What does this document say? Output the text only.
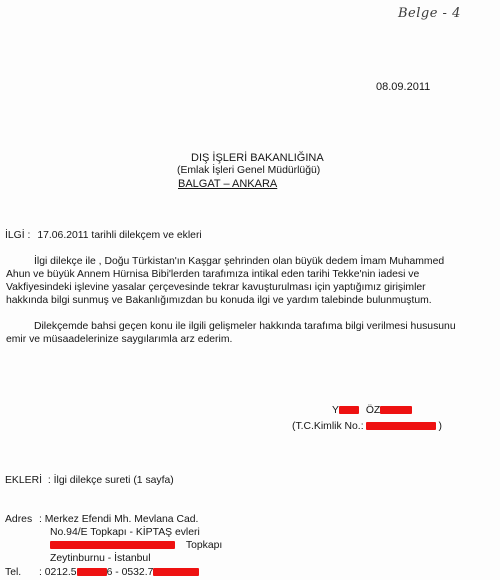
Belge - 4
08.09.2011
DIŞ İŞLERİ BAKANLIĞINA
(Emlak İşleri Genel Müdürlüğü)
BALGAT – ANKARA
İLGİ : 17.06.2011 tarihli dilekçem ve ekleri
İlgi dilekçe ile , Doğu Türkistan'ın Kaşgar şehrinden olan büyük dedem İmam Muhammed
Ahun ve büyük Annem Hürnisa Bibi'lerden tarafımıza intikal eden tarihi Tekke'nin iadesi ve
Vakfiyesindeki işlevine yasalar çerçevesinde tekrar kavuşturulması için yaptığımız girişimler
hakkında bilgi sunmuş ve Bakanlığımızdan bu konuda ilgi ve yardım talebinde bulunmuştum.
Dilekçemde bahsi geçen konu ile ilgili gelişmeler hakkında tarafıma bilgi verilmesi hususunu
emir ve müsaadelerinize saygılarımla arz ederim.
Y	ÖZ
(T.C.Kimlik No.:	)
EKLERİ : İlgi dilekçe sureti (1 sayfa)
Adres : Merkez Efendi Mh. Mevlana Cad.
No.94/E Topkapı - KİPTAŞ evleri
Topkapı
Zeytinburnu - İstanbul
Tel. : 0212.5	6 - 0532.7
